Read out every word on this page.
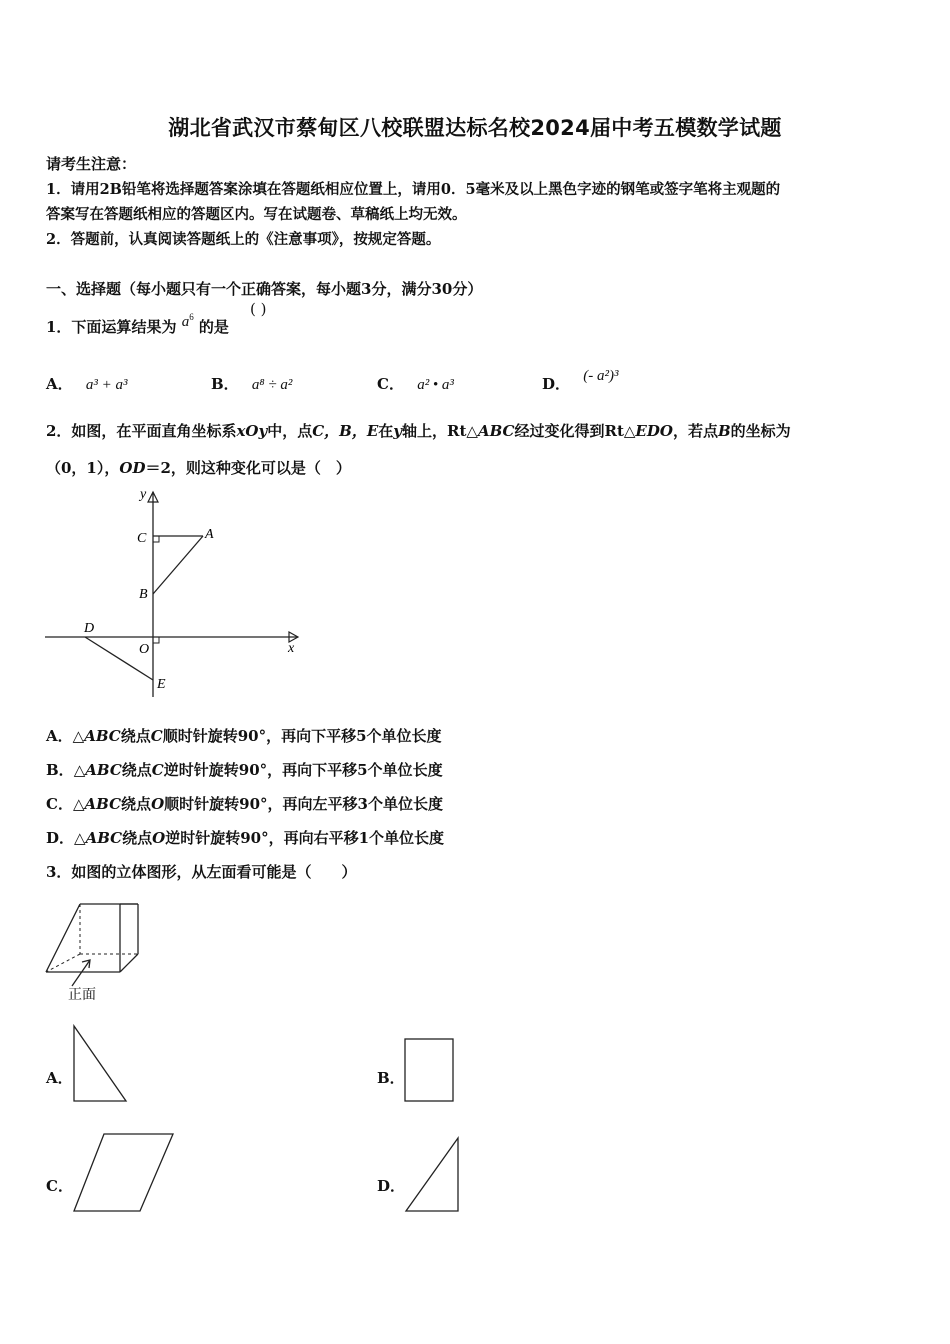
湖北省武汉市蔡甸区八校联盟达标名校2024届中考五模数学试题
请考生注意：
1．请用2B铅笔将选择题答案涂填在答题纸相应位置上，请用0．5毫米及以上黑色字迹的钢笔或签字笔将主观题的
答案写在答题纸相应的答题区内。写在试题卷、草稿纸上均无效。
2．答题前，认真阅读答题纸上的《注意事项》，按规定答题。
一、选择题（每小题只有一个正确答案，每小题3分，满分30分）
1．下面运算结果为 $a^6$ 的是
( )
A． a³ + a³	B． a⁸ ÷ a²	C． a² • a³	D． (- a²)³
2．如图，在平面直角坐标系xOy中，点C，B，E在y轴上，Rt△ABC经过变化得到Rt△EDO，若点B的坐标为
（0，1），OD＝2，则这种变化可以是（　）
y
x
C	A
B
D
O
E
A．△ABC绕点C顺时针旋转90°，再向下平移5个单位长度
B．△ABC绕点C逆时针旋转90°，再向下平移5个单位长度
C．△ABC绕点O顺时针旋转90°，再向左平移3个单位长度
D．△ABC绕点O逆时针旋转90°，再向右平移1个单位长度
3．如图的立体图形，从左面看可能是（　　）
正面
A．	B．
C．	D．
